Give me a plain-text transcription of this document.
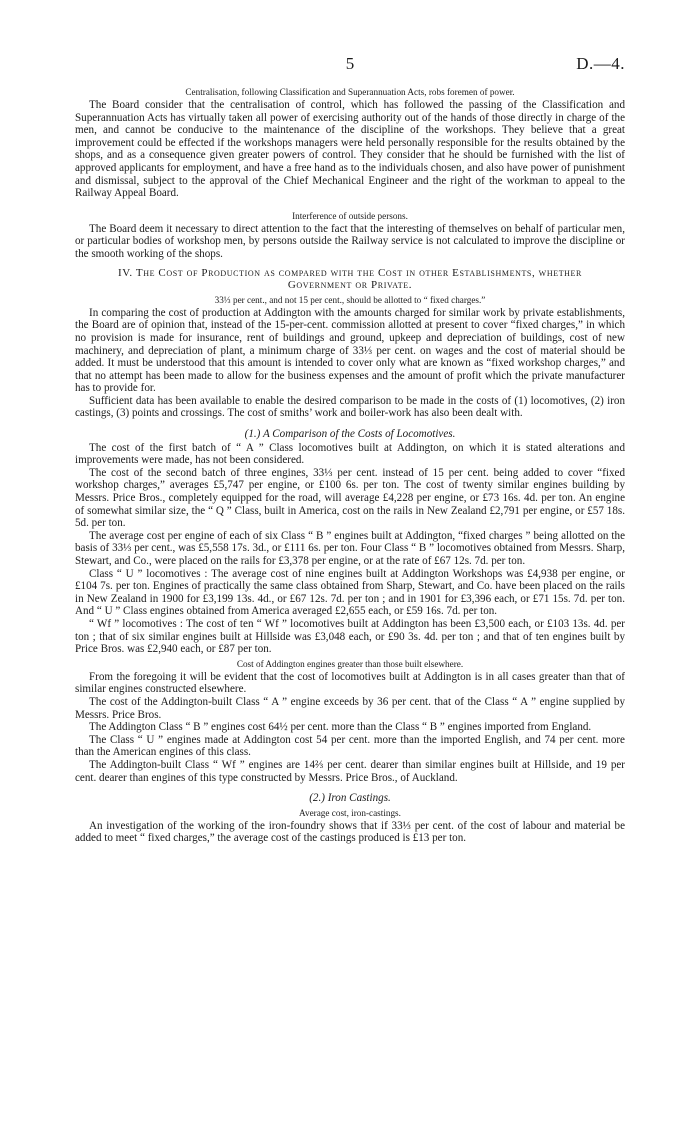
5	D.—4.
Centralisation, following Classification and Superannuation Acts, robs foremen of power.

The Board consider that the centralisation of control, which has followed the passing of the Classification and Superannuation Acts has virtually taken all power of exercising authority out of the hands of those directly in charge of the men, and cannot be conducive to the maintenance of the discipline of the workshops. They believe that a great improvement could be effected if the workshops managers were held personally responsible for the results obtained by the shops, and as a consequence given greater powers of control. They consider that he should be furnished with the list of approved applicants for employment, and have a free hand as to the individuals chosen, and also have power of punishment and dismissal, subject to the approval of the Chief Mechanical Engineer and the right of the workman to appeal to the Railway Appeal Board.

Interference of outside persons.

The Board deem it necessary to direct attention to the fact that the interesting of themselves on behalf of particular men, or particular bodies of workshop men, by persons outside the Railway service is not calculated to improve the discipline or the smooth working of the shops.

IV. The Cost of Production as compared with the Cost in other Establishments, whether
Government or Private.
33⅓ per cent., and not 15 per cent., should be allotted to “ fixed charges.”

In comparing the cost of production at Addington with the amounts charged for similar work by private establishments, the Board are of opinion that, instead of the 15-per-cent. commission allotted at present to cover “fixed charges,” in which no provision is made for insurance, rent of buildings and ground, upkeep and depreciation of buildings, cost of new machinery, and depreciation of plant, a minimum charge of 33⅓ per cent. on wages and the cost of material should be added. It must be understood that this amount is intended to cover only what are known as “fixed workshop charges,” and that no attempt has been made to allow for the business expenses and the amount of profit which the private manufacturer has to provide for.

Sufficient data has been available to enable the desired comparison to be made in the costs of (1) locomotives, (2) iron castings, (3) points and crossings. The cost of smiths’ work and boiler-work has also been dealt with.

(1.) A Comparison of the Costs of Locomotives.

The cost of the first batch of “ A ” Class locomotives built at Addington, on which it is stated alterations and improvements were made, has not been considered.

The cost of the second batch of three engines, 33⅓ per cent. instead of 15 per cent. being added to cover “fixed workshop charges,” averages £5,747 per engine, or £100 6s. per ton. The cost of twenty similar engines building by Messrs. Price Bros., completely equipped for the road, will average £4,228 per engine, or £73 16s. 4d. per ton. An engine of somewhat similar size, the “ Q ” Class, built in America, cost on the rails in New Zealand £2,791 per engine, or £57 18s. 5d. per ton.

The average cost per engine of each of six Class “ B ” engines built at Addington, “fixed charges ” being allotted on the basis of 33⅓ per cent., was £5,558 17s. 3d., or £111 6s. per ton. Four Class “ B ” locomotives obtained from Messrs. Sharp, Stewart, and Co., were placed on the rails for £3,378 per engine, or at the rate of £67 12s. 7d. per ton.

Class “ U ” locomotives : The average cost of nine engines built at Addington Workshops was £4,938 per engine, or £104 7s. per ton. Engines of practically the same class obtained from Sharp, Stewart, and Co. have been placed on the rails in New Zealand in 1900 for £3,199 13s. 4d., or £67 12s. 7d. per ton ; and in 1901 for £3,396 each, or £71 15s. 7d. per ton. And “ U ” Class engines obtained from America averaged £2,655 each, or £59 16s. 7d. per ton.

“ Wf ” locomotives : The cost of ten “ Wf ” locomotives built at Addington has been £3,500 each, or £103 13s. 4d. per ton ; that of six similar engines built at Hillside was £3,048 each, or £90 3s. 4d. per ton ; and that of ten engines built by Price Bros. was £2,940 each, or £87 per ton.

Cost of Addington engines greater than those built elsewhere.

From the foregoing it will be evident that the cost of locomotives built at Addington is in all cases greater than that of similar engines constructed elsewhere.

The cost of the Addington-built Class “ A ” engine exceeds by 36 per cent. that of the Class “ A ” engine supplied by Messrs. Price Bros.

The Addington Class “ B ” engines cost 64½ per cent. more than the Class “ B ” engines imported from England.

The Class “ U ” engines made at Addington cost 54 per cent. more than the imported English, and 74 per cent. more than the American engines of this class.

The Addington-built Class “ Wf ” engines are 14⅔ per cent. dearer than similar engines built at Hillside, and 19 per cent. dearer than engines of this type constructed by Messrs. Price Bros., of Auckland.

(2.) Iron Castings.
Average cost, iron-castings.

An investigation of the working of the iron-foundry shows that if 33⅓ per cent. of the cost of labour and material be added to meet “ fixed charges,” the average cost of the castings produced is £13 per ton.
